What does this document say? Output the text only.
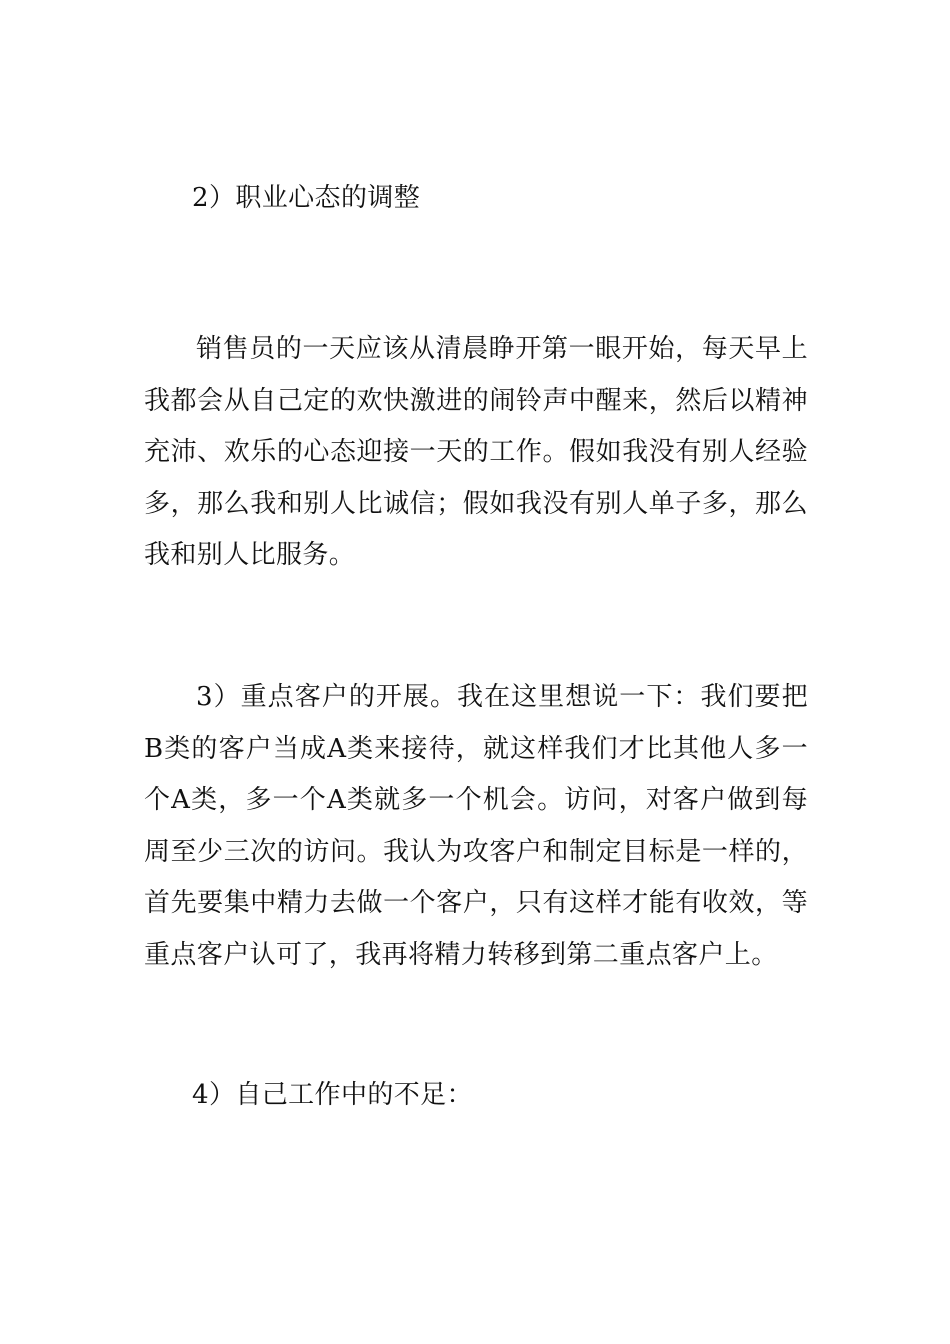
2）职业心态的调整

销售员的一天应该从清晨睁开第一眼开始，每天早上我都会从自己定的欢快激进的闹铃声中醒来，然后以精神充沛、欢乐的心态迎接一天的工作。假如我没有别人经验多，那么我和别人比诚信；假如我没有别人单子多，那么我和别人比服务。

3）重点客户的开展。我在这里想说一下：我们要把B类的客户当成A类来接待，就这样我们才比其他人多一个A类，多一个A类就多一个机会。访问，对客户做到每周至少三次的访问。我认为攻客户和制定目标是一样的，首先要集中精力去做一个客户，只有这样才能有收效，等重点客户认可了，我再将精力转移到第二重点客户上。

4）自己工作中的不足：
